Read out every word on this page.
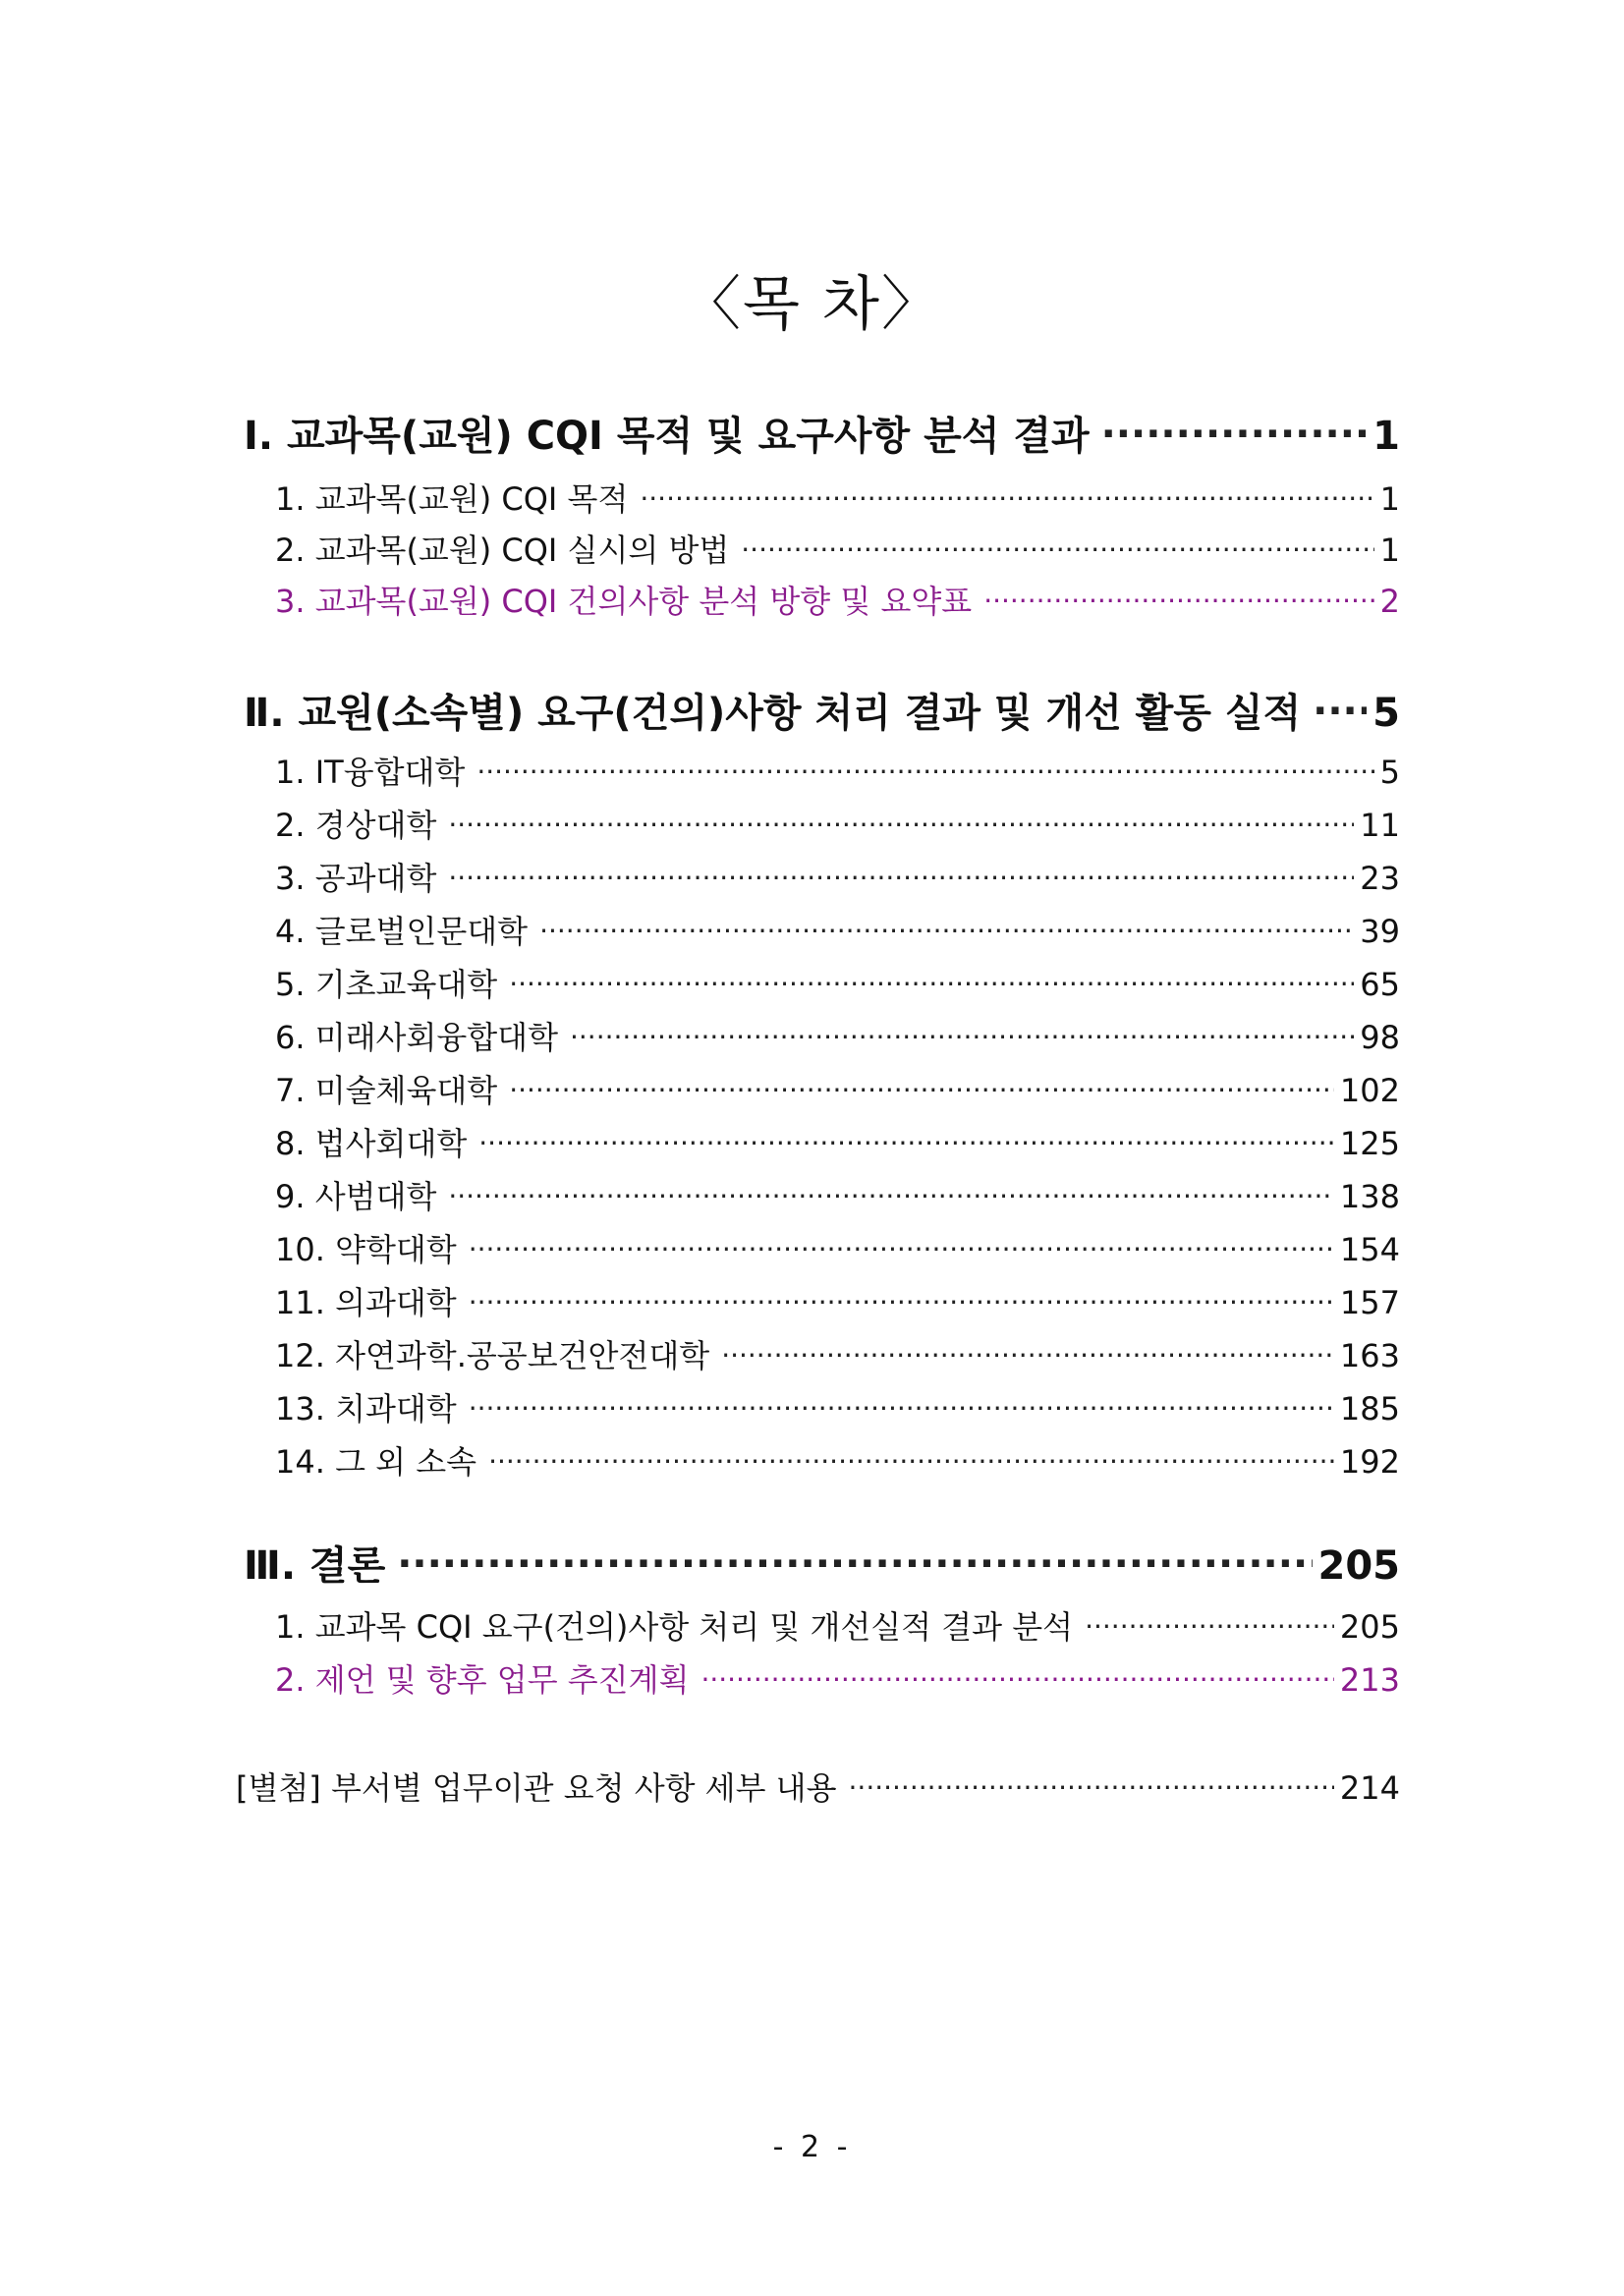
〈목 차〉
Ⅰ. 교과목(교원) CQI 목적 및 요구사항 분석 결과 ·····	1
1. 교과목(교원) CQI 목적 ·····	1
2. 교과목(교원) CQI 실시의 방법 ·····	1
3. 교과목(교원) CQI 건의사항 분석 방향 및 요약표 ·····	2
Ⅱ. 교원(소속별) 요구(건의)사항 처리 결과 및 개선 활동 실적 ····· 5
1. IT융합대학 ·····	5
2. 경상대학 ·····	11
3. 공과대학 ·····	23
4. 글로벌인문대학 ·····	39
5. 기초교육대학 ·····	65
6. 미래사회융합대학 ·····	98
7. 미술체육대학 ·····	102
8. 법사회대학 ·····	125
9. 사범대학 ·····	138
10. 약학대학 ·····	154
11. 의과대학 ·····	157
12. 자연과학.공공보건안전대학 ·····	163
13. 치과대학 ·····	185
14. 그 외 소속 ·····	192
Ⅲ. 결론 ·····	205
1. 교과목 CQI 요구(건의)사항 처리 및 개선실적 결과 분석 ·····	205
2. 제언 및 향후 업무 추진계획 ·····	213
[별첨] 부서별 업무이관 요청 사항 세부 내용 ·····	214
- 2 -
